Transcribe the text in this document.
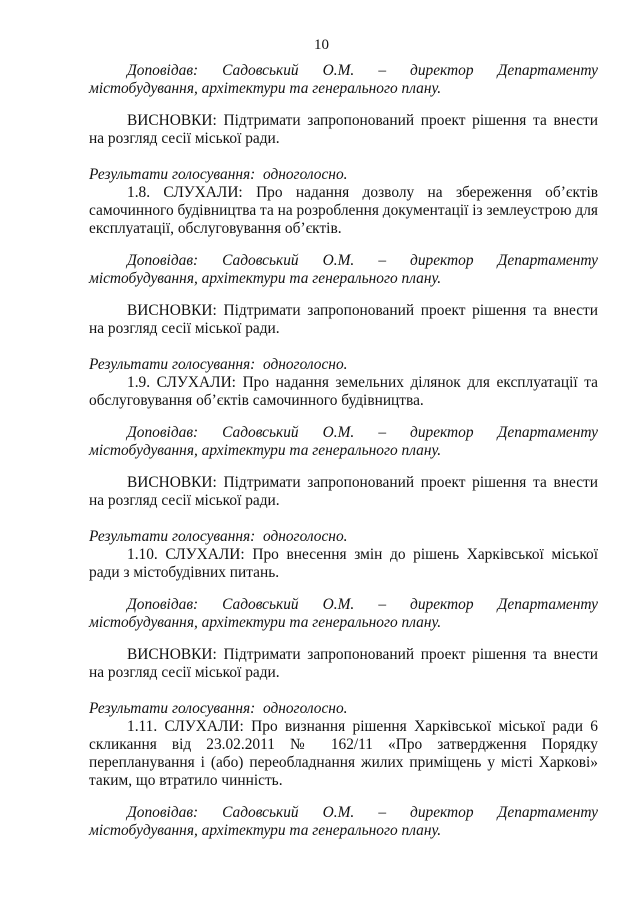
10
Доповідав: Садовський О.М. – директор Департаменту

містобудування, архітектури та генерального плану.

ВИСНОВКИ: Підтримати запропонований проект рішення та внести на розгляд сесії міської ради.

Результати голосування: одноголосно.

1.8. СЛУХАЛИ: Про надання дозволу на збереження об’єктів самочинного будівництва та на розроблення документації із землеустрою для експлуатації, обслуговування об’єктів.

Доповідав: Садовський О.М. – директор Департаменту

містобудування, архітектури та генерального плану.

ВИСНОВКИ: Підтримати запропонований проект рішення та внести на розгляд сесії міської ради.

Результати голосування: одноголосно.

1.9. СЛУХАЛИ: Про надання земельних ділянок для експлуатації та обслуговування об’єктів самочинного будівництва.

Доповідав: Садовський О.М. – директор Департаменту

містобудування, архітектури та генерального плану.

ВИСНОВКИ: Підтримати запропонований проект рішення та внести на розгляд сесії міської ради.

Результати голосування: одноголосно.

1.10. СЛУХАЛИ: Про внесення змін до рішень Харківської міської ради з містобудівних питань.

Доповідав: Садовський О.М. – директор Департаменту

містобудування, архітектури та генерального плану.

ВИСНОВКИ: Підтримати запропонований проект рішення та внести на розгляд сесії міської ради.

Результати голосування: одноголосно.

1.11. СЛУХАЛИ: Про визнання рішення Харківської міської ради 6 скликання від 23.02.2011 № 162/11 «Про затвердження Порядку перепланування і (або) переобладнання жилих приміщень у місті Харкові» таким, що втратило чинність.

Доповідав: Садовський О.М. – директор Департаменту

містобудування, архітектури та генерального плану.
